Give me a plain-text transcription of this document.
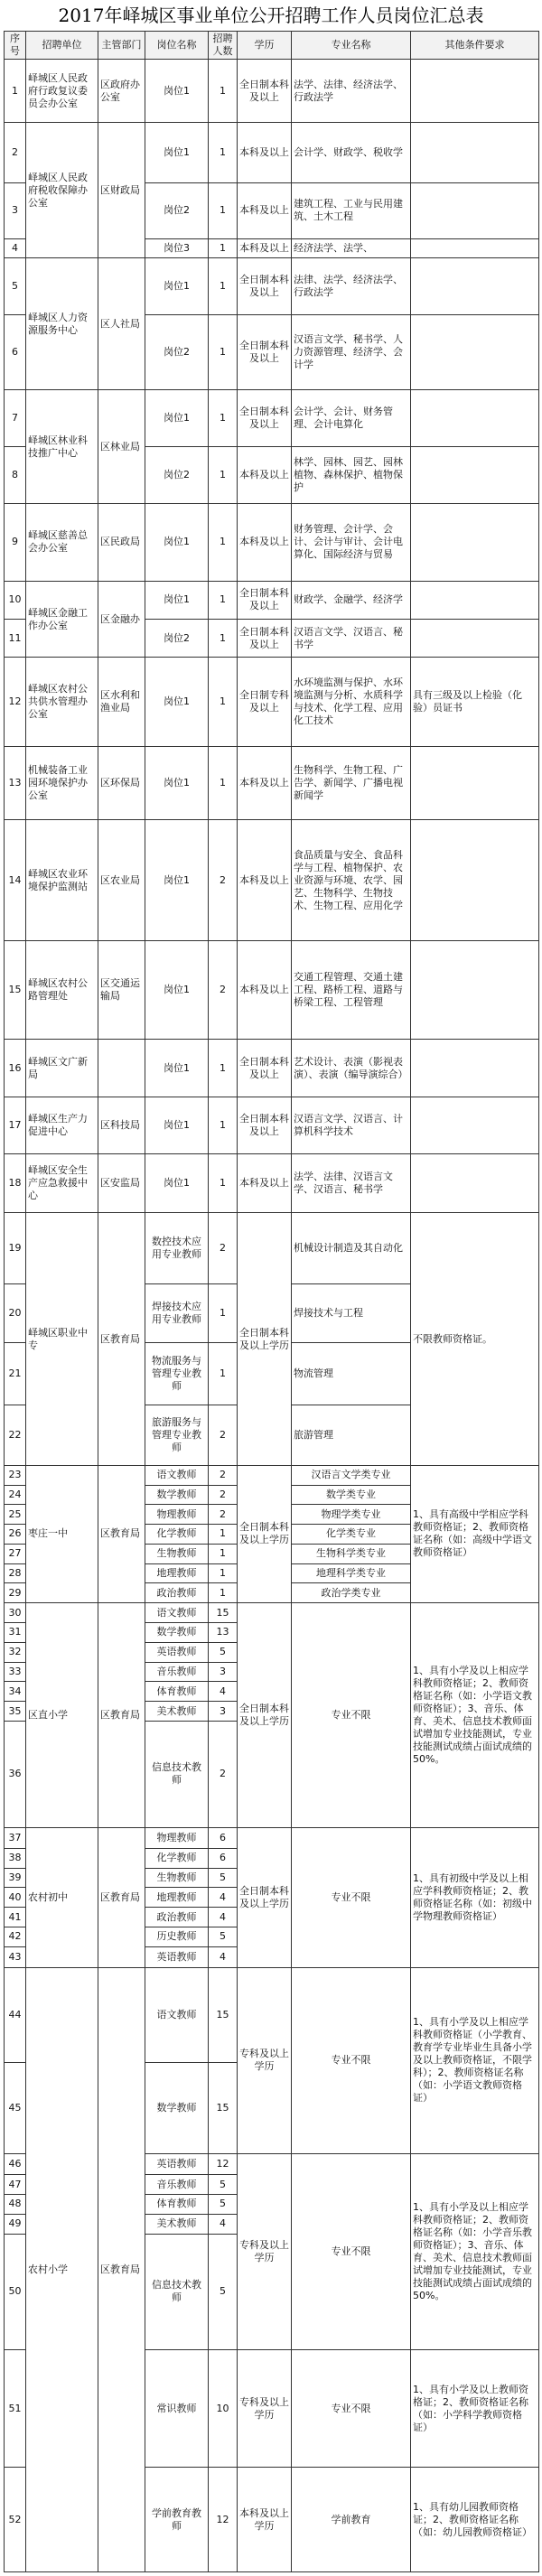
2017年峄城区事业单位公开招聘工作人员岗位汇总表
序号	招聘单位	主管部门	岗位名称	招聘人数	学历	专业名称	其他条件要求
1	峄城区人民政府行政复议委员会办公室	区政府办公室	岗位1	1	全日制本科及以上	法学、法律、经济法学、行政法学	
2	峄城区人民政府税收保障办公室	区财政局	岗位1	1	本科及以上	会计学、财政学、税收学	
3			岗位2	1	本科及以上	建筑工程、工业与民用建筑、土木工程	
4			岗位3	1	本科及以上	经济法学、法学、	
5	峄城区人力资源服务中心	区人社局	岗位1	1	全日制本科及以上	法律、法学、经济法学、行政法学	
6			岗位2	1	全日制本科及以上	汉语言文学、秘书学、人力资源管理、经济学、会计学	
7	峄城区林业科技推广中心	区林业局	岗位1	1	全日制本科及以上	会计学、会计、财务管理、会计电算化	
8			岗位2	1	本科及以上	林学、园林、园艺、园林植物、森林保护、植物保护	
9	峄城区慈善总会办公室	区民政局	岗位1	1	本科及以上	财务管理、会计学、会计、会计与审计、会计电算化、国际经济与贸易	
10	峄城区金融工作办公室	区金融办	岗位1	1	全日制本科及以上	财政学、金融学、经济学	
11			岗位2	1	全日制本科及以上	汉语言文学、汉语言、秘书学	
12	峄城区农村公共供水管理办公室	区水利和渔业局	岗位1	1	全日制专科及以上	水环境监测与保护、水环境监测与分析、水质科学与技术、化学工程、应用化工技术	具有三级及以上检验（化验）员证书
13	机械装备工业园环境保护办公室	区环保局	岗位1	1	本科及以上	生物科学、生物工程、广告学、新闻学、广播电视新闻学	
14	峄城区农业环境保护监测站	区农业局	岗位1	2	本科及以上	食品质量与安全、食品科学与工程、植物保护、农业资源与环境、农学、园艺、生物科学、生物技术、生物工程、应用化学	
15	峄城区农村公路管理处	区交通运输局	岗位1	2	本科及以上	交通工程管理、交通土建工程、路桥工程、道路与桥梁工程、工程管理	
16	峄城区文广新局		岗位1	1	全日制本科及以上	艺术设计、表演（影视表演）、表演（编导演综合）	
17	峄城区生产力促进中心	区科技局	岗位1	1	全日制本科及以上	汉语言文学、汉语言、计算机科学技术	
18	峄城区安全生产应急救援中心	区安监局	岗位1	1	本科及以上	法学、法律、汉语言文学、汉语言、秘书学	
19	峄城区职业中专	区教育局	数控技术应用专业教师	2	全日制本科及以上学历	机械设计制造及其自动化	不限教师资格证。
20			焊接技术应用专业教师	1		焊接技术与工程	
21			物流服务与管理专业教师	1		物流管理	
22			旅游服务与管理专业教师	2		旅游管理	
23	枣庄一中	区教育局	语文教师	2	全日制本科及以上学历	汉语言文学类专业	1、具有高级中学相应学科教师资格证；2、教师资格证名称（如：高级中学语文教师资格证）
24			数学教师	2		数学类专业	
25			物理教师	2		物理学类专业	
26			化学教师	1		化学类专业	
27			生物教师	1		生物科学类专业	
28			地理教师	1		地理科学类专业	
29			政治教师	1		政治学类专业	
30	区直小学	区教育局	语文教师	15	全日制本科及以上学历	专业不限	1、具有小学及以上相应学科教师资格证；2、教师资格证名称（如：小学语文教师资格证）；3、音乐、体育、美术、信息技术教师面试增加专业技能测试，专业技能测试成绩占面试成绩的50%。
31			数学教师	13			
32			英语教师	5			
33			音乐教师	3			
34			体育教师	4			
35			美术教师	3			
36			信息技术教师	2			
37	农村初中	区教育局	物理教师	6	全日制本科及以上学历	专业不限	1、具有初级中学及以上相应学科教师资格证；2、教师资格证名称（如：初级中学物理教师资格证）
38			化学教师	6			
39			生物教师	5			
40			地理教师	4			
41			政治教师	4			
42			历史教师	5			
43			英语教师	4			
44	农村小学	区教育局	语文教师	15	专科及以上学历	专业不限	1、具有小学及以上相应学科教师资格证（小学教育、教育学专业毕业生具备小学及以上教师资格证，不限学科）；2、教师资格证名称（如：小学语文教师资格证）
45			数学教师	15			
46			英语教师	12	专科及以上学历	专业不限	1、具有小学及以上相应学科教师资格证；2、教师资格证名称（如：小学音乐教师资格证）；3、音乐、体育、美术、信息技术教师面试增加专业技能测试，专业技能测试成绩占面试成绩的50%。
47			音乐教师	5			
48			体育教师	5			
49			美术教师	4			
50			信息技术教师	5			
51			常识教师	10	专科及以上学历	专业不限	1、具有小学及以上教师资格证；2、教师资格证名称（如：小学科学教师资格证）
52			学前教育教师	12	本科及以上学历	学前教育	1、具有幼儿园教师资格证；2、教师资格证名称（如：幼儿园教师资格证）
